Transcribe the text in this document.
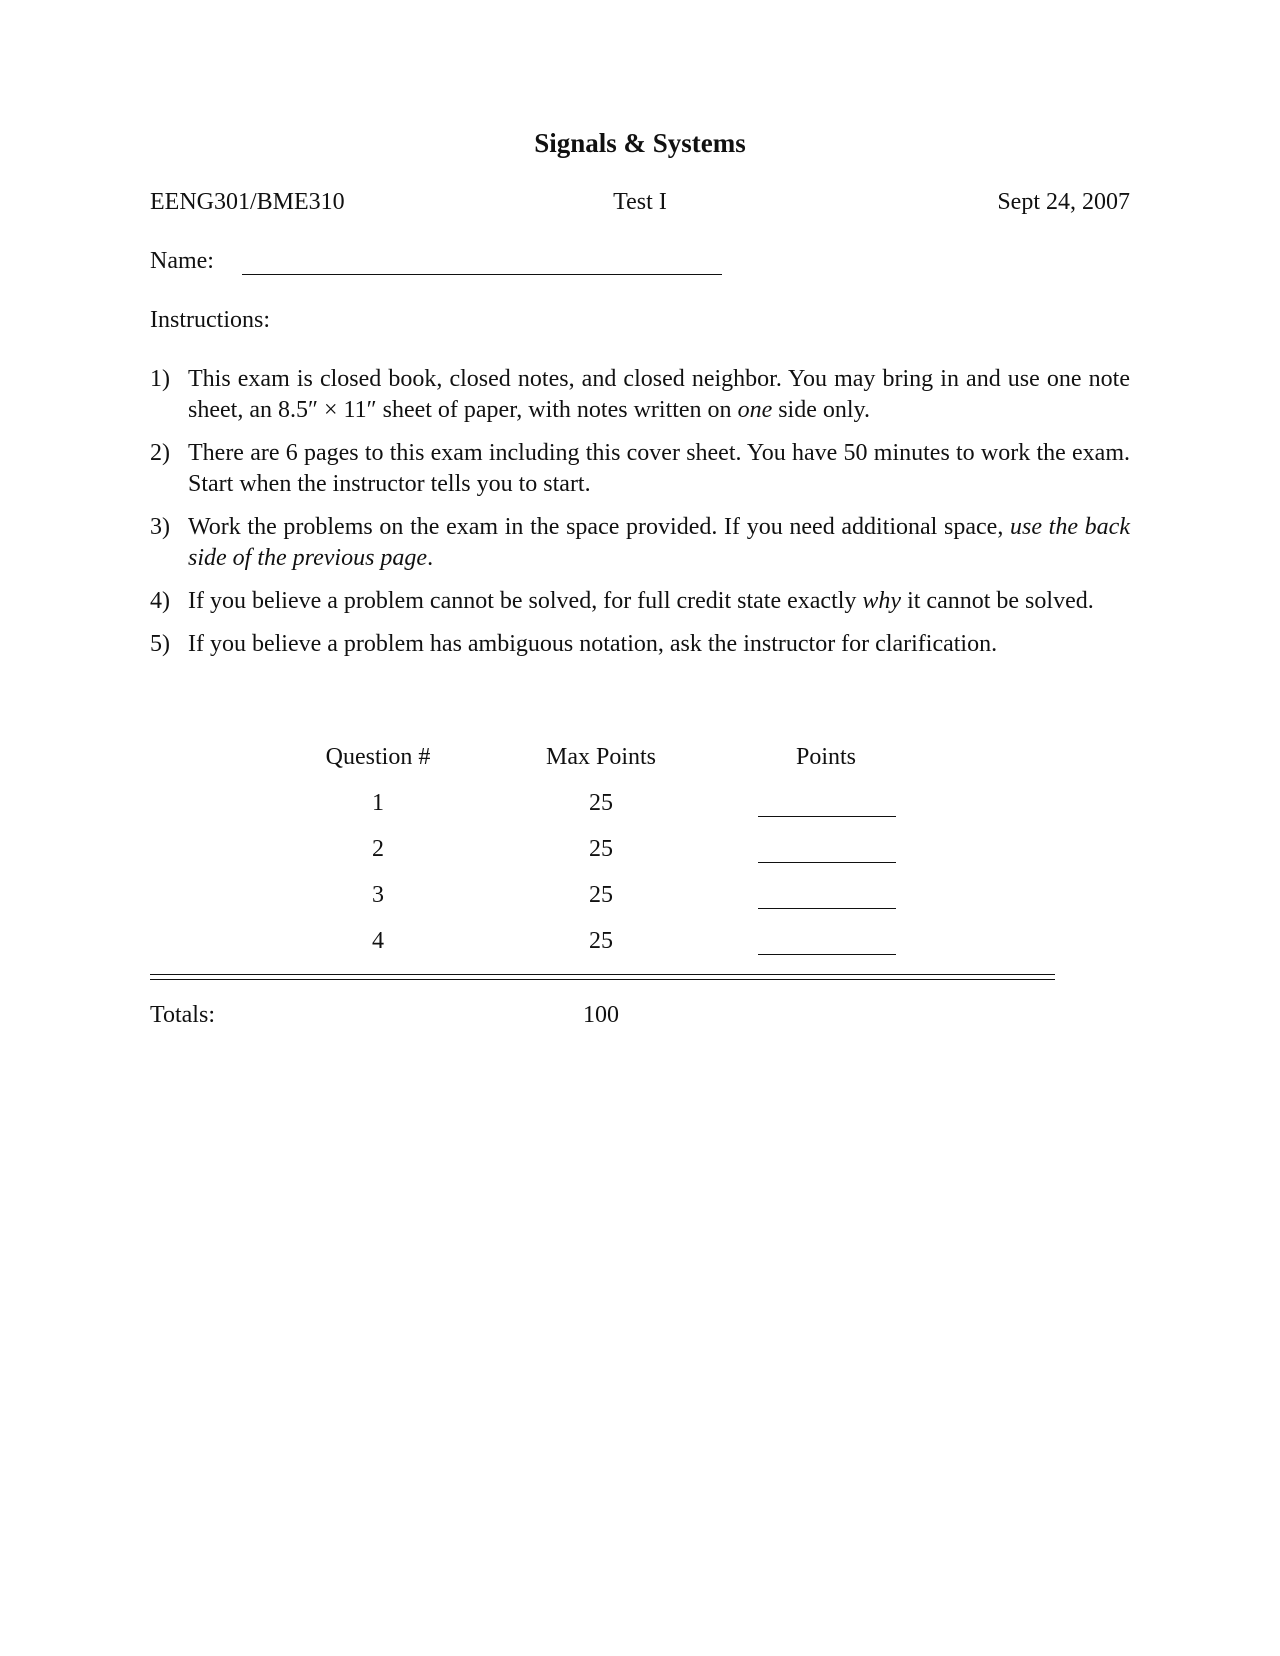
Signals & Systems
EENG301/BME310	Test I	Sept 24, 2007
Name:
Instructions:
1) This exam is closed book, closed notes, and closed neighbor. You may bring in and use one note sheet, an 8.5″ × 11″ sheet of paper, with notes written on one side only.
2) There are 6 pages to this exam including this cover sheet. You have 50 minutes to work the exam. Start when the instructor tells you to start.
3) Work the problems on the exam in the space provided. If you need additional space, use the back side of the previous page.
4) If you believe a problem cannot be solved, for full credit state exactly why it cannot be solved.
5) If you believe a problem has ambiguous notation, ask the instructor for clarification.
Question #	Max Points	Points
1	25
2	25
3	25
4	25
Totals:	100
